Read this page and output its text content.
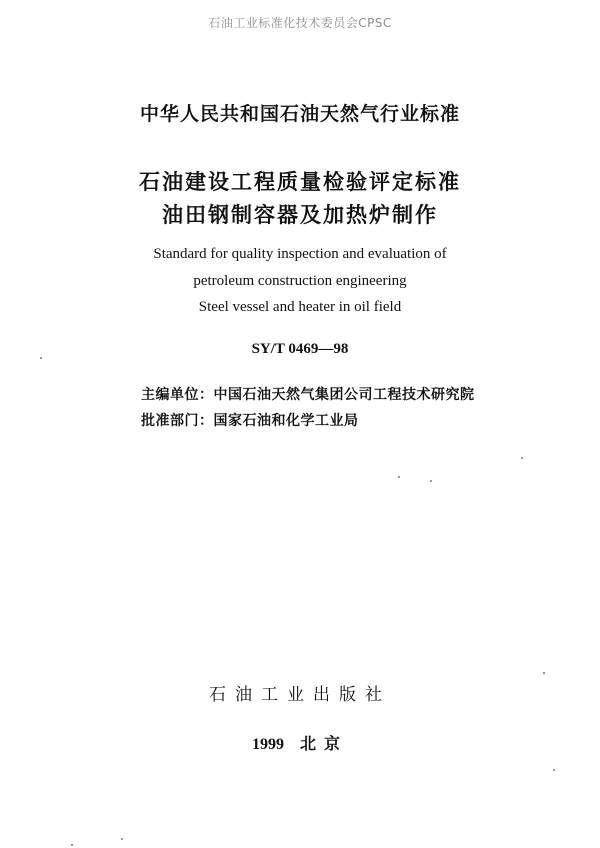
石油工业标准化技术委员会CPSC
中华人民共和国石油天然气行业标准
石油建设工程质量检验评定标准
油田钢制容器及加热炉制作
Standard for quality inspection and evaluation of
petroleum construction engineering
Steel vessel and heater in oil field
SY/T 0469—98
主编单位 ： 中国石油天然气集团公司工程技术研究院
批准部门 ： 国家石油和化学工业局
石油工业出版社
1999 北京
